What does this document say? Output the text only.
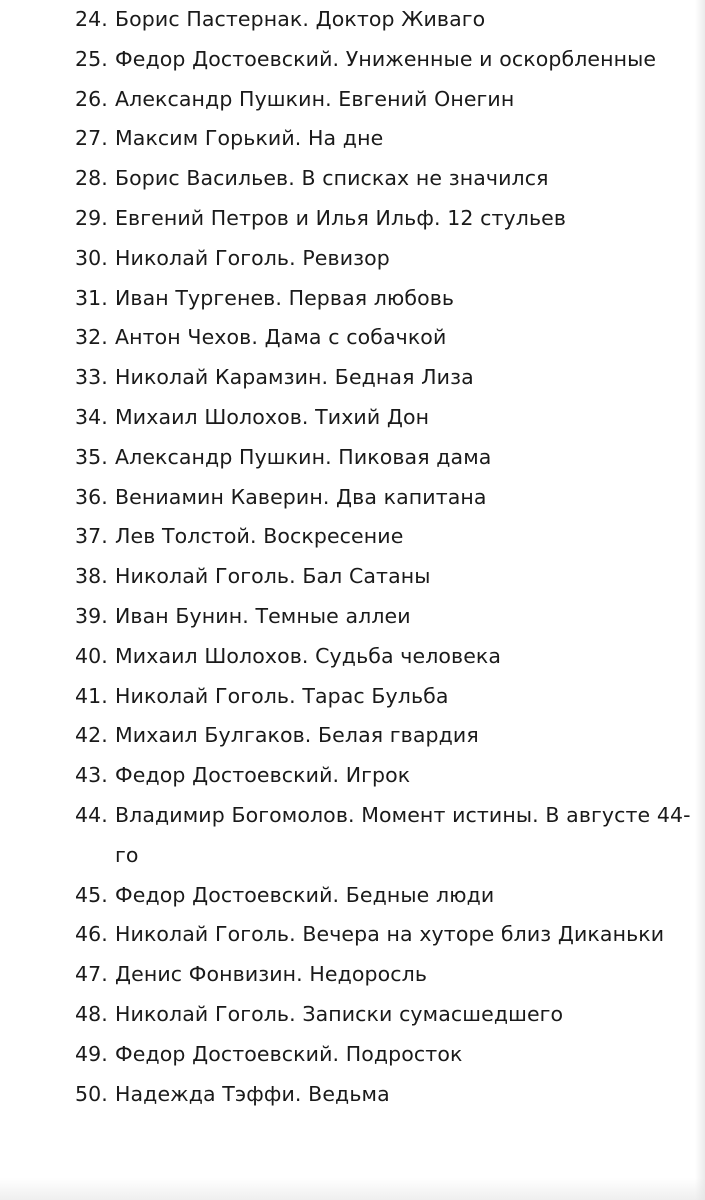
24. Борис Пастернак. Доктор Живаго
25. Федор Достоевский. Униженные и оскорбленные
26. Александр Пушкин. Евгений Онегин
27. Максим Горький. На дне
28. Борис Васильев. В списках не значился
29. Евгений Петров и Илья Ильф. 12 стульев
30. Николай Гоголь. Ревизор
31. Иван Тургенев. Первая любовь
32. Антон Чехов. Дама с собачкой
33. Николай Карамзин. Бедная Лиза
34. Михаил Шолохов. Тихий Дон
35. Александр Пушкин. Пиковая дама
36. Вениамин Каверин. Два капитана
37. Лев Толстой. Воскресение
38. Николай Гоголь. Бал Сатаны
39. Иван Бунин. Темные аллеи
40. Михаил Шолохов. Судьба человека
41. Николай Гоголь. Тарас Бульба
42. Михаил Булгаков. Белая гвардия
43. Федор Достоевский. Игрок
44. Владимир Богомолов. Момент истины. В августе 44-го
45. Федор Достоевский. Бедные люди
46. Николай Гоголь. Вечера на хуторе близ Диканьки
47. Денис Фонвизин. Недоросль
48. Николай Гоголь. Записки сумасшедшего
49. Федор Достоевский. Подросток
50. Надежда Тэффи. Ведьма
